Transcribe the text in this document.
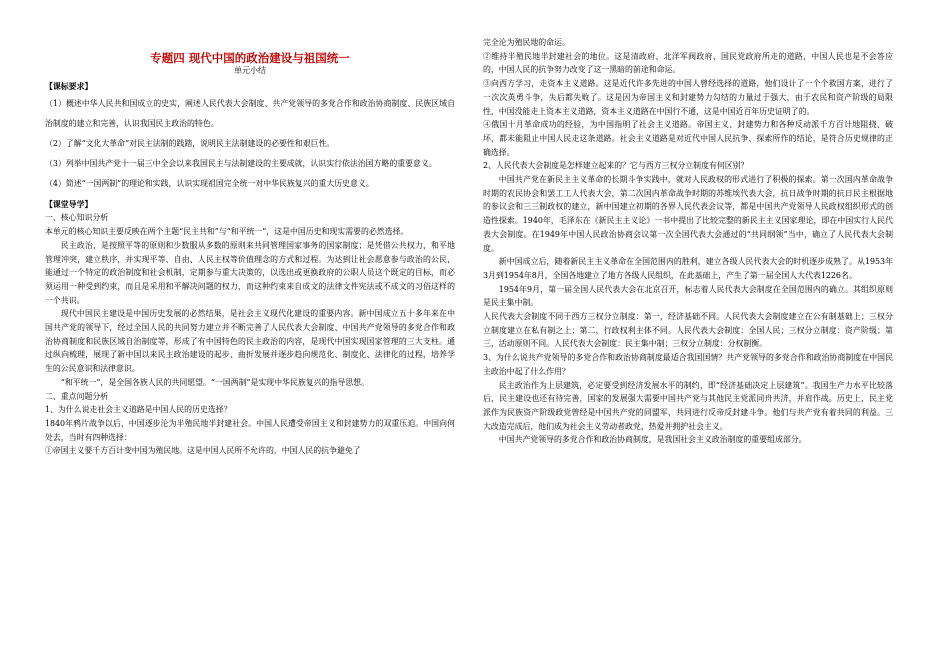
专题四 现代中国的政治建设与祖国统一
单元小结

【课标要求】

（1）概述中华人民共和国成立的史实，阐述人民代表大会制度、共产党领导的多党合作和政治协商制度、民族区域自治制度的建立和完善，认识我国民主政治的特色。

（2）了解“文化大革命”对民主法制的践踏，说明民主法制建设的必要性和艰巨性。

（3）列举中国共产党十一届三中全会以来我国民主与法制建设的主要成就，认识实行依法治国方略的重要意义。

（4）简述“一国两制”的理论和实践，认识实现祖国完全统一对中华民族复兴的重大历史意义。

【课堂导学】

一、核心知识分析

本单元的核心知识主要反映在两个主题“民主共和”与“和平统一”，这是中国历史和现实需要的必然选择。

民主政治，是按照平等的原则和少数服从多数的原则来共同管理国家事务的国家制度；是凭借公共权力，和平地管理冲突，建立秩序，并实现平等、自由、人民主权等价值理念的方式和过程。为达到让社会愿意参与政治的公民，能通过一个特定的政治制度和社会机制，定期参与重大决策的，以选出或更换政府的公职人员这个既定的目标，而必须运用一种受到约束，而且是采用和平解决问题的权力，而这种约束来自成文的法律文件宪法或不成文的习俗这样的一个共识。

现代中国民主建设是中国历史发展的必然结果，是社会主义现代化建设的重要内容。新中国成立五十多年来在中国共产党的领导下，经过全国人民的共同努力建立并不断完善了人民代表大会制度、中国共产党领导的多党合作和政治协商制度和民族区域自治制度等，形成了有中国特色的民主政治的内容，是现代中国实现国家管理的三大支柱。通过纵向梳理，展现了新中国以来民主政治建设的起步、曲折发展并逐步趋向规范化、制度化、法律化的过程，培养学生的公民意识和法律意识。

“和平统一”，是全国各族人民的共同愿望。“一国两制”是实现中华民族复兴的指导思想。

二、重点问题分析

1、为什么说走社会主义道路是中国人民的历史选择？

1840年鸦片战争以后，中国逐步沦为半殖民地半封建社会。中国人民遭受帝国主义和封建势力的双重压迫。中国向何处去，当时有四种选择：

①帝国主义要千方百计变中国为殖民地。这是中国人民所不允许的，中国人民的抗争避免了

完全沦为殖民地的命运。

②维持半殖民地半封建社会的地位。这是清政府、北洋军阀政府、国民党政府所走的道路，中国人民也是不会答应的，中国人民的抗争努力改变了这一黑暗的前途和命运。

③向西方学习，走资本主义道路。这是近代许多先进的中国人曾经选择的道路，他们设计了一个个救国方案，进行了一次次英勇斗争，失后都失败了。这是因为帝国主义和封建势力勾结的力量过于强大，由于农民和资产阶级的局限性，中国没能走上资本主义道路，资本主义道路在中国行不通，这是中国近百年历史证明了的。

④俄国十月革命成功的经验，为中国指明了社会主义道路。帝国主义、封建势力和各种反动派千方百计地阻挠、破坏，都未能阻止中国人民走这条道路。社会主义道路是对近代中国人民抗争、探索所作的结论，是符合历史规律的正确选择。

2、人民代表大会制度是怎样建立起来的？它与西方三权分立制度有何区别？

中国共产党在新民主主义革命的长期斗争实践中，就对人民政权的形式进行了积极的探索。第一次国内革命战争时期的农民协会和罢工工人代表大会，第二次国内革命战争时期的苏维埃代表大会，抗日战争时期的抗日民主根据地的参议会和三三制政权的建立，新中国建立初期的各界人民代表会议等，都是中国共产党领导人民政权组织形式的创造性探索。1940年，毛泽东在《新民主主义论》一书中提出了比较完整的新民主主义国家理论，即在中国实行人民代表大会制度。在1949年中国人民政治协商会议第一次全国代表大会通过的“共同纲领”当中，确立了人民代表大会制度。

新中国成立后，随着新民主主义革命在全国范围内的胜利，建立各级人民代表大会的时机逐步成熟了。从1953年3月到1954年8月，全国各地建立了地方各级人民组织，在此基础上，产生了第一届全国人大代表1226名。

1954年9月，第一届全国人民代表大会在北京召开，标志着人民代表大会制度在全国范围内的确立。其组织原则是民主集中制。

人民代表大会制度不同于西方三权分立制度：第一，经济基础不同。人民代表大会制度建立在公有制基础上；三权分立制度建立在私有制之上；第二，行政权利主体不同。人民代表大会制度：全国人民；三权分立制度：资产阶级；第三，活动原则不同。人民代表大会制度：民主集中制；三权分立制度：分权制衡。

3、为什么说共产党领导的多党合作和政治协商制度最适合我国国情？共产党领导的多党合作和政治协商制度在中国民主政治中起了什么作用？

民主政治作为上层建筑，必定要受到经济发展水平的制约，即“经济基础决定上层建筑”。我国生产力水平比较落后，民主建设也还有待完善，国家的发展强大需要中国共产党与其他民主党派同舟共济，并肩作战。历史上，民主党派作为民族资产阶级政党曾经是中国共产党的同盟军，共同进行反帝反封建斗争。他们与共产党有着共同的利益。三大改造完成后，他们成为社会主义劳动者政党，热爱并拥护社会主义。

中国共产党领导的多党合作和政治协商制度，是我国社会主义政治制度的重要组成部分。
